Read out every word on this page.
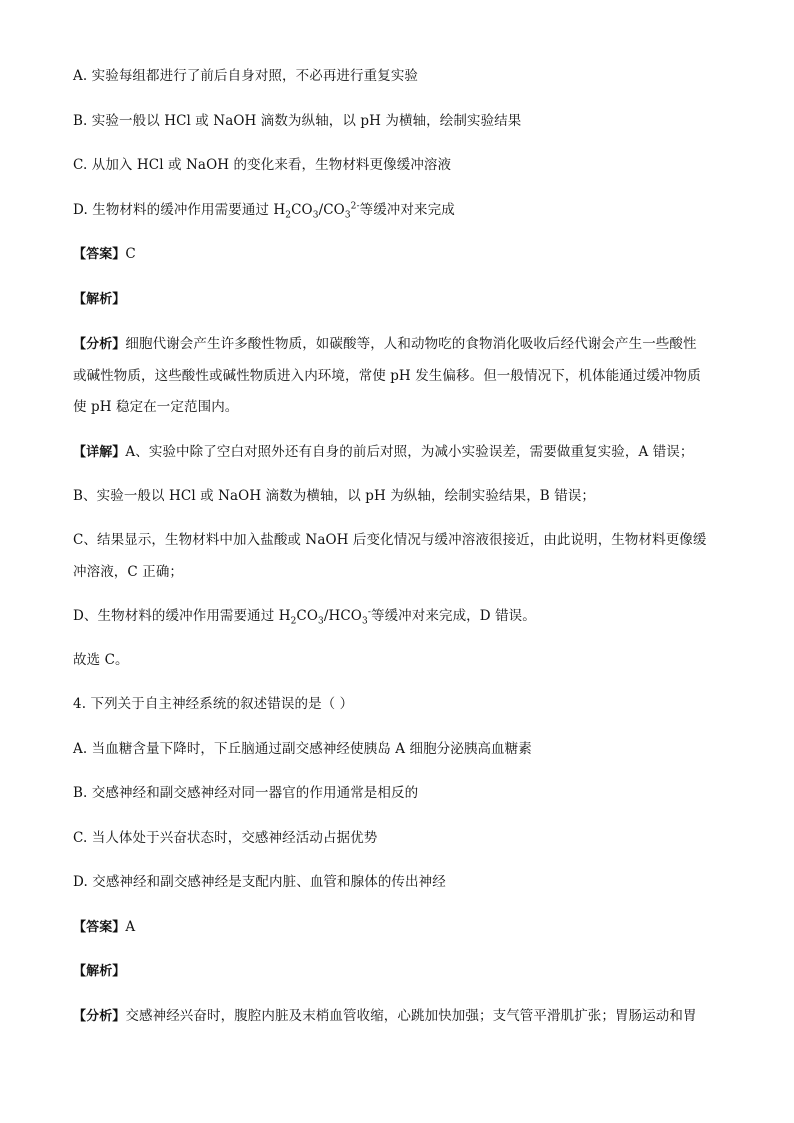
A. 实验每组都进行了前后自身对照，不必再进行重复实验
B. 实验一般以 HCl 或 NaOH 滴数为纵轴，以 pH 为横轴，绘制实验结果
C. 从加入 HCl 或 NaOH 的变化来看，生物材料更像缓冲溶液
D. 生物材料的缓冲作用需要通过 $H_2CO_3/CO_3^{2-}$等缓冲对来完成
【答案】C
【解析】
【分析】细胞代谢会产生许多酸性物质，如碳酸等，人和动物吃的食物消化吸收后经代谢会产生一些酸性
或碱性物质，这些酸性或碱性物质进入内环境，常使 pH 发生偏移。但一般情况下，机体能通过缓冲物质
使 pH 稳定在一定范围内。
【详解】A、实验中除了空白对照外还有自身的前后对照，为减小实验误差，需要做重复实验，A 错误；
B、实验一般以 HCl 或 NaOH 滴数为横轴，以 pH 为纵轴，绘制实验结果，B 错误；
C、结果显示，生物材料中加入盐酸或 NaOH 后变化情况与缓冲溶液很接近，由此说明，生物材料更像缓
冲溶液，C 正确；
D、生物材料的缓冲作用需要通过 $H_2CO_3/HCO_3^-$等缓冲对来完成，D 错误。
故选 C。
4. 下列关于自主神经系统的叙述错误的是（ ）
A. 当血糖含量下降时，下丘脑通过副交感神经使胰岛 A 细胞分泌胰高血糖素
B. 交感神经和副交感神经对同一器官的作用通常是相反的
C. 当人体处于兴奋状态时，交感神经活动占据优势
D. 交感神经和副交感神经是支配内脏、血管和腺体的传出神经
【答案】A
【解析】
【分析】交感神经兴奋时，腹腔内脏及末梢血管收缩，心跳加快加强；支气管平滑肌扩张；胃肠运动和胃
